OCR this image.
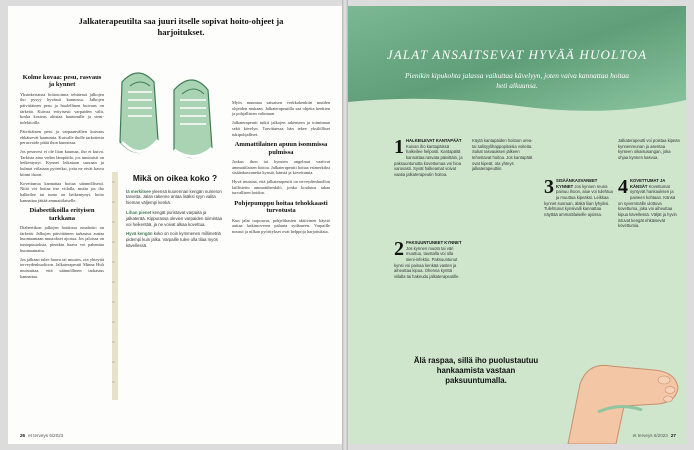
Jalkaterapeutilta saa juuri itselle sopivat hoito-ohjeet ja harjoitukset.
Kolme kovaa: pesu, rasvaus ja kynnet

Yksinkertaisia hoitotoimia tehtäessä jalkojen iho pysyy hyvässä kunnossa. Jalkojen päivittäinen pesu ja huolellinen kuivaus on tärkeää. Kuivaa erityisesti varpaiden välit, koska kosteus altistaa hautumille ja sieni-infektioille.

Päivittäinen pesu ja varpaanvälien kuivaus ehkäisevät hautumia. Kuivalle iholle tarkoitettu perusvoide pitää ihon kunnossa.

Jos pesuvesi ei ole liian kuumaa, iho ei kuivu. Tarkista aina veden lämpötila, jos tuntoaisti on heikentynyt. Kynnet leikataan suoraan ja kulmat viilataan pyöreiksi, jotta ne eivät kasva kiinni ihoon.

Kovettumia kannattaa hoitaa säännöllisesti. Niitä voi hoitaa itse viilalla, mutta jos iho halkeilee tai tunto on heikentynyt, hoito kannattaa jättää ammattilaiselle.

Diabeetikoilla erityisen tarkkana

Diabeetikon jalkojen hoidossa omahoito on tärkeää. Jalkojen päivittäinen tarkastus auttaa huomaamaan muutokset ajoissa. Jos jaloissa on tuntopuutoksia, pienikin haava voi pahentua huomaamatta.

Jos jalkaan tulee haava tai muutos, ota yhteyttä terveydenhuoltoon. Jalkaterapeutti Minna Hult muistuttaa, että säännöllinen tarkastus kannattaa.

Mikä on oikea koko ?
Iä merkitsee yleensä kuurennan kengän numeron tarvetta. Jalan rakenne antaa lisäksi syyn valita hieman väljempi kenkä.
Lihan pienet kengät puristavat varpaita ja jalkaterää. Kippurassa olevien varpaiden toimintaa voi heikentää, ja ne voivat alkaa kovettua.
Hyvä kengän koko on noin kymmenen millimetriä pidempi kuin jalka. Varpaille tulee olla tilaa myös kävellessä.

Myös muuntaa saisaisen verkkokenkiin muiden ohjeiden mukaan. Jalkaterapeutilla saa ohjeita kenkien ja pohjallisten valintaan.

Jalkaterapeutti tutkii jalkojen rakenteen ja toiminnan sekä kävelyn. Tarvittaessa hän tekee yksilölliset tukipohjalliset.

Ammattilainen apuun isommissa pulmissa

Joskus ihon tai kynsien ongelmat vaativat ammattilaisen hoitoa. Jalkaterapeutti hoitaa esimerkiksi sisäänkasvaneita kynsiä, känsiä ja kovettumia.

Hyvä muistaa, että jalkaterapeutti on terveydenhuollon laillistettu ammattihenkilö, jonka koulutus takaa turvallisen hoidon.

Pohjepumppu hoitaa tehokkaasti turvotusta

Kun jalat turpoavat, pohjelihasten aktiivinen käyttö auttaa laskimoveren paluuta sydämeen. Varpaille nousut ja nilkan pyöritykset ovat helppoja harjoituksia.

26 et terveys 6/2023
JALAT ANSAITSEVAT HYVÄÄ HUOLTOA
Pienikin kipukohta jalassa vaikuttaa kävelyyn, joten vaiva kannattaa hoitaa heti alkuunsa.
1 HALKEILEVAT KANTAPÄÄT Kuivan iho kantapäissä halkeilee helposti. Kantapäitä kannattaa rasvata päivittäin, ja paksuuntunutta kovettumaa voi hioa varovasti. Syvät halkeamat voivat vaatia jalkaterapeutin hoitoa.

Käytä kantapäiden hoitoon urea- tai salisyylihappopitoisia voiteita. Sukat rasvauksen jälkeen tehostavat hoitoa. Jos kantapäät ovat kipeät, ota yhteys jalkaterapeuttiin.

2 PAKSUUNTUNEET KYNNET Jos kynnen muoto tai väri muuttuu, taustalla voi olla sieni-infektio. Paksuuntunut kynsi voi painaa kenkää vasten ja aiheuttaa kipua. Ohenna kynttä viilalla tai hakeudu jalkaterapeutille.
3 SISÄÄNKASVANEET KYNNET Jos kynnen reuna painuu ihoon, alue voi tulehtua ja muuttua kipeäksi. Leikkaa kynnet suoraan, äläkä liian lyhyiksi. Tulehtunut kynsivalli kannattaa näyttää ammattilaiselle ajoissa.

Jalkaterapeutti voi poistaa kipeän kynnenreunan ja asentaa kynteen oikaisusangan, joka ohjaa kynnen kasvua.

4 KOVETTUMAT JA KÄNSÄT Kovettumat syntyvät hankauksen ja paineen kohtaan. Känsä on syvemmälle ulottuva kovettuma, joka voi aiheuttaa kipua kävellessä. Väljät ja hyvin istuvat kengät ehkäisevät kovettumia.
Älä raspaa, sillä iho puolustautuu hankaamista vastaan paksuuntumalla.
et terveys 6/2023 27
